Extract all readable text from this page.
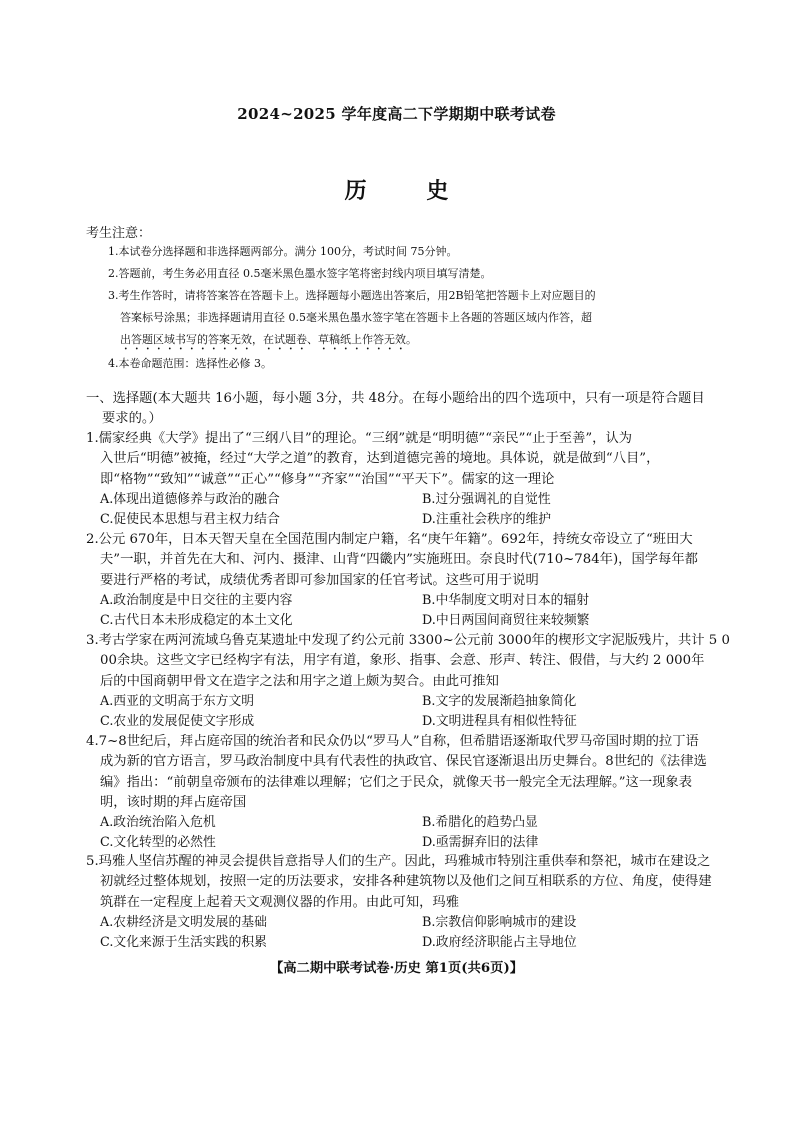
2024~2025 学年度高二下学期期中联考试卷
历 史
考生注意：
1.本试卷分选择题和非选择题两部分。满分 100分，考试时间 75分钟。
2.答题前，考生务必用直径 0.5毫米黑色墨水签字笔将密封线内项目填写清楚。
3.考生作答时，请将答案答在答题卡上。选择题每小题选出答案后，用2B铅笔把答题卡上对应题目的
答案标号涂黑；非选择题请用直径 0.5毫米黑色墨水签字笔在答题卡上各题的答题区域内作答，超
出答题区域书写的答案无效，在试题卷、草稿纸上作答无效。
4.本卷命题范围：选择性必修 3。
一、选择题(本大题共 16小题，每小题 3分，共 48分。在每小题给出的四个选项中，只有一项是符合题目
要求的。）

1.儒家经典《大学》提出了“三纲八目”的理论。“三纲”就是“明明德”“亲民”“止于至善”，认为
入世后“明德”被掩，经过“大学之道”的教育，达到道德完善的境地。具体说，就是做到“八目”，
即“格物”“致知”“诚意”“正心”“修身”“齐家”“治国”“平天下”。儒家的这一理论

A.体现出道德修养与政治的融合	B.过分强调礼的自觉性
C.促使民本思想与君主权力结合	D.注重社会秩序的维护

2.公元 670年，日本天智天皇在全国范围内制定户籍，名“庚午年籍”。692年，持统女帝设立了“班田大
夫”一职，并首先在大和、河内、摄津、山背“四畿内”实施班田。奈良时代(710~784年)，国学每年都
要进行严格的考试，成绩优秀者即可参加国家的任官考试。这些可用于说明

A.政治制度是中日交往的主要内容	B.中华制度文明对日本的辐射
C.古代日本未形成稳定的本土文化	D.中日两国间商贸往来较频繁

3.考古学家在两河流域乌鲁克某遗址中发现了约公元前 3300~公元前 3000年的楔形文字泥版残片，共计 5 0
00余块。这些文字已经构字有法，用字有道，象形、指事、会意、形声、转注、假借，与大约 2 000年
后的中国商朝甲骨文在造字之法和用字之道上颇为契合。由此可推知

A.西亚的文明高于东方文明	B.文字的发展渐趋抽象简化
C.农业的发展促使文字形成	D.文明进程具有相似性特征

4.7~8世纪后，拜占庭帝国的统治者和民众仍以“罗马人”自称，但希腊语逐渐取代罗马帝国时期的拉丁语
成为新的官方语言，罗马政治制度中具有代表性的执政官、保民官逐渐退出历史舞台。8世纪的《法律选
编》指出：“前朝皇帝颁布的法律难以理解；它们之于民众，就像天书一般完全无法理解。”这一现象表
明，该时期的拜占庭帝国

A.政治统治陷入危机	B.希腊化的趋势凸显
C.文化转型的必然性	D.亟需摒弃旧的法律

5.玛雅人坚信苏醒的神灵会提供旨意指导人们的生产。因此，玛雅城市特别注重供奉和祭祀，城市在建设之
初就经过整体规划，按照一定的历法要求，安排各种建筑物以及他们之间互相联系的方位、角度，使得建
筑群在一定程度上起着天文观测仪器的作用。由此可知，玛雅

A.农耕经济是文明发展的基础	B.宗教信仰影响城市的建设
C.文化来源于生活实践的积累	D.政府经济职能占主导地位
【高二期中联考试卷·历史 第1页(共6页)】
